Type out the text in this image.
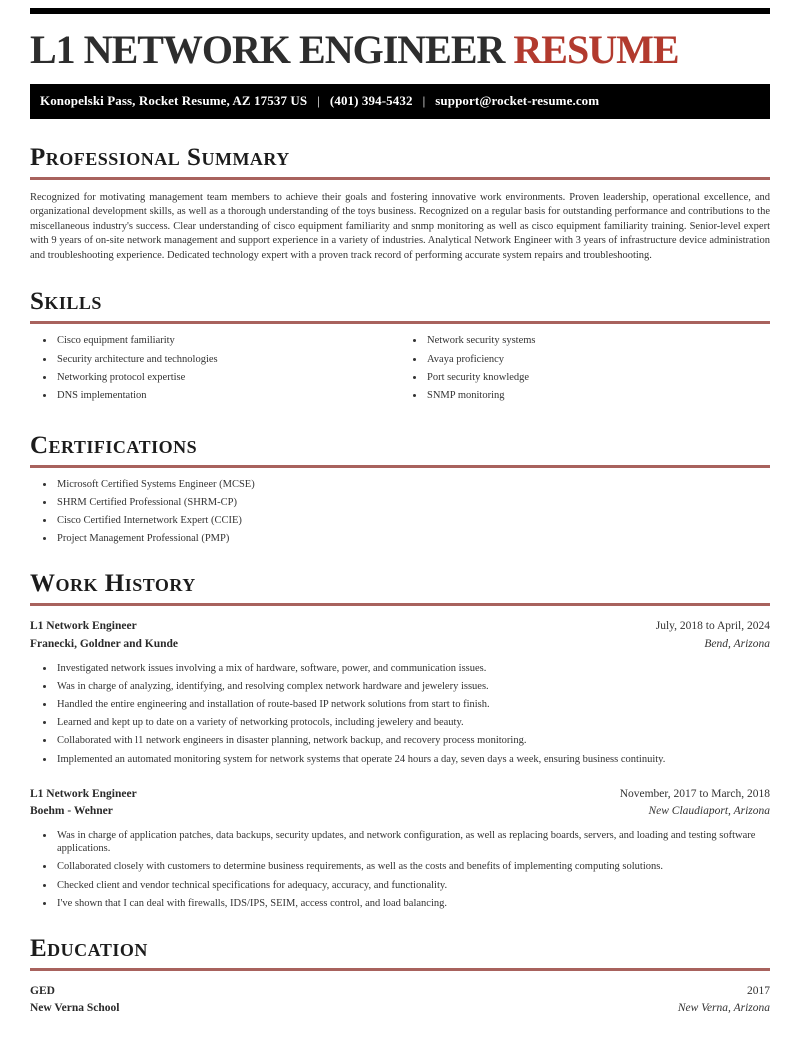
L1 NETWORK ENGINEER RESUME
Konopelski Pass, Rocket Resume, AZ 17537 US | (401) 394-5432 | support@rocket-resume.com
Professional Summary

Recognized for motivating management team members to achieve their goals and fostering innovative work environments. Proven leadership, operational excellence, and organizational development skills, as well as a thorough understanding of the toys business. Recognized on a regular basis for outstanding performance and contributions to the miscellaneous industry's success. Clear understanding of cisco equipment familiarity and snmp monitoring as well as cisco equipment familiarity training. Senior-level expert with 9 years of on-site network management and support experience in a variety of industries. Analytical Network Engineer with 3 years of infrastructure device administration and troubleshooting experience. Dedicated technology expert with a proven track record of performing accurate system repairs and troubleshooting.

Skills
• Cisco equipment familiarity
• Security architecture and technologies
• Networking protocol expertise
• DNS implementation
• Network security systems
• Avaya proficiency
• Port security knowledge
• SNMP monitoring
Certifications
• Microsoft Certified Systems Engineer (MCSE)
• SHRM Certified Professional (SHRM-CP)
• Cisco Certified Internetwork Expert (CCIE)
• Project Management Professional (PMP)
Work History
L1 Network Engineer	July, 2018 to April, 2024
Franecki, Goldner and Kunde	Bend, Arizona
• Investigated network issues involving a mix of hardware, software, power, and communication issues.
• Was in charge of analyzing, identifying, and resolving complex network hardware and jewelery issues.
• Handled the entire engineering and installation of route-based IP network solutions from start to finish.
• Learned and kept up to date on a variety of networking protocols, including jewelery and beauty.
• Collaborated with l1 network engineers in disaster planning, network backup, and recovery process monitoring.
• Implemented an automated monitoring system for network systems that operate 24 hours a day, seven days a week, ensuring business continuity.
L1 Network Engineer	November, 2017 to March, 2018
Boehm - Wehner	New Claudiaport, Arizona
• Was in charge of application patches, data backups, security updates, and network configuration, as well as replacing boards, servers, and loading and testing software applications.
• Collaborated closely with customers to determine business requirements, as well as the costs and benefits of implementing computing solutions.
• Checked client and vendor technical specifications for adequacy, accuracy, and functionality.
• I've shown that I can deal with firewalls, IDS/IPS, SEIM, access control, and load balancing.
Education
GED	2017
New Verna School	New Verna, Arizona
